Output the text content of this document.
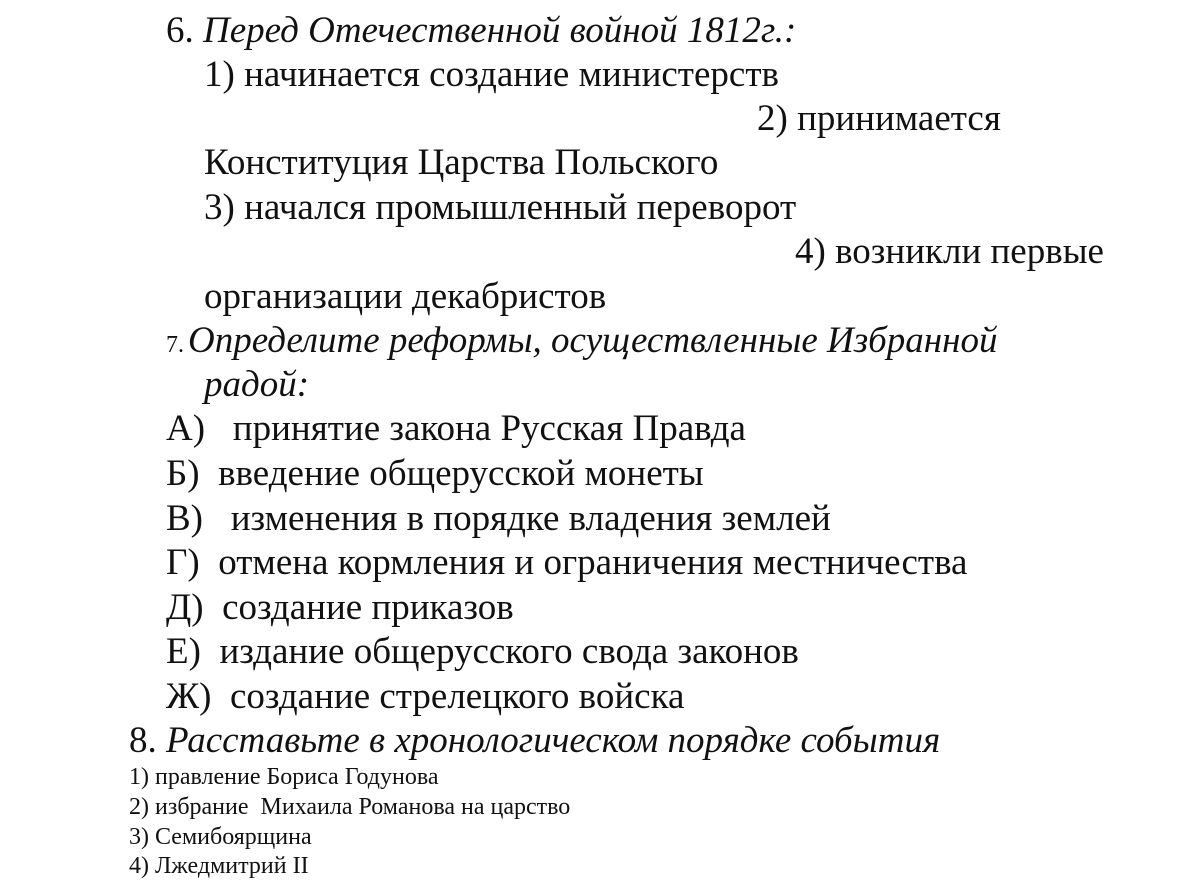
6. Перед Отечественной войной 1812г.:
1) начинается создание министерств
2) принимается
Конституция Царства Польского
3) начался промышленный переворот
4) возникли первые
организации декабристов
7. Определите реформы, осуществленные Избранной
радой:
А) принятие закона Русская Правда
Б) введение общерусской монеты
В) изменения в порядке владения землей
Г) отмена кормления и ограничения местничества
Д) создание приказов
Е) издание общерусского свода законов
Ж) создание стрелецкого войска
8. Расставьте в хронологическом порядке события
1) правление Бориса Годунова
2) избрание  Михаила Романова на царство
3) Семибоярщина
4) Лжедмитрий II
